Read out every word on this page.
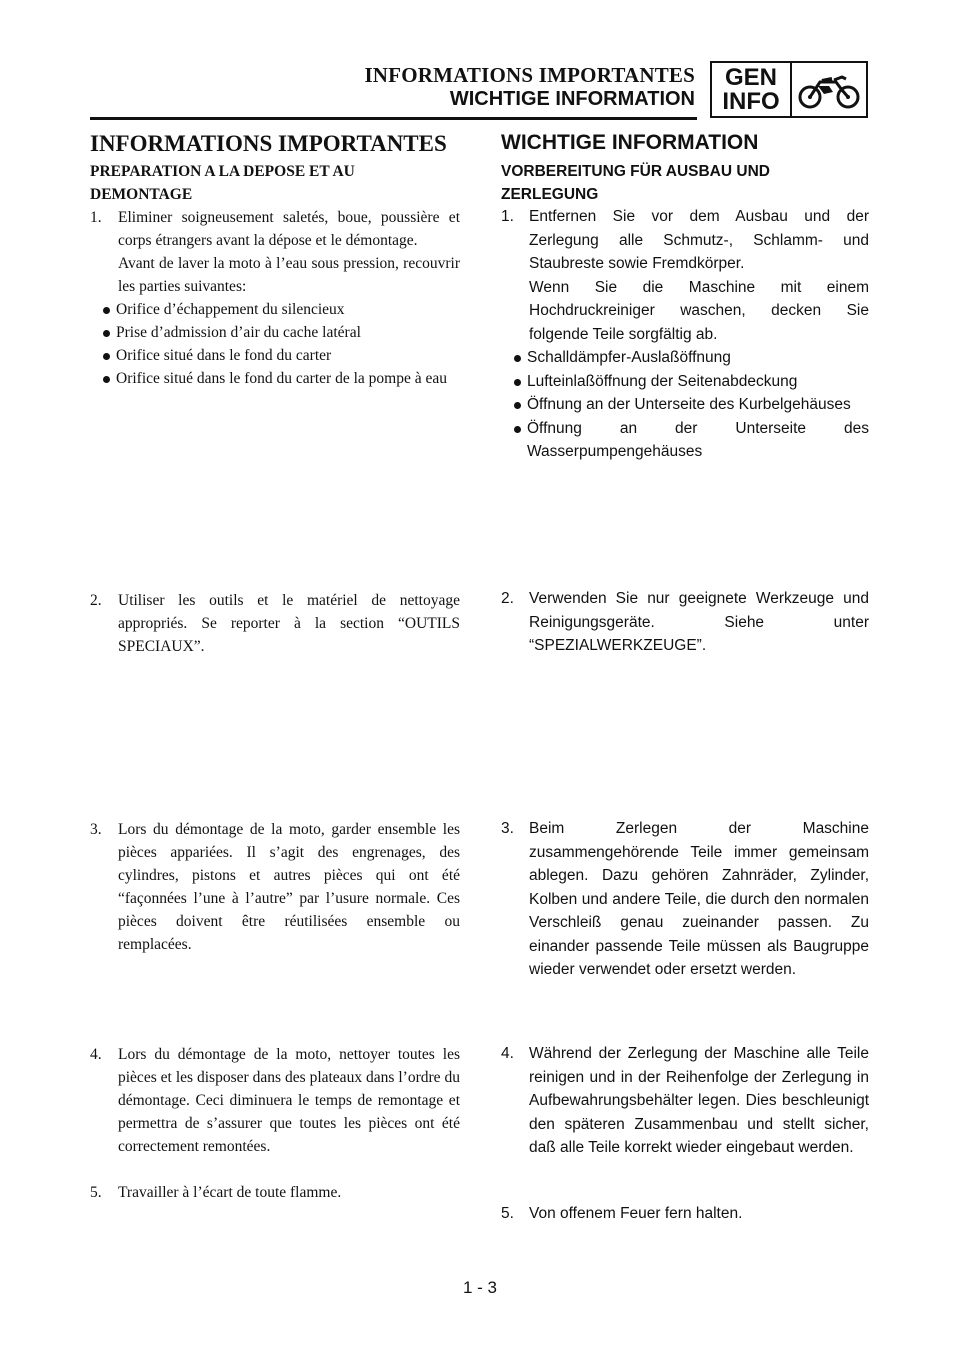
INFORMATIONS IMPORTANTES
WICHTIGE INFORMATION
GEN
INFO
INFORMATIONS IMPORTANTES
PREPARATION A LA DEPOSE ET AU DEMONTAGE
1. Eliminer soigneusement saletés, boue, poussière et corps étrangers avant la dépose et le démontage.
Avant de laver la moto à l’eau sous pression, recouvrir les parties suivantes:
Orifice d’échappement du silencieux
Prise d’admission d’air du cache latéral
Orifice situé dans le fond du carter
Orifice situé dans le fond du carter de la pompe à eau
2. Utiliser les outils et le matériel de nettoyage appropriés. Se reporter à la section “OUTILS SPECIAUX”.
3. Lors du démontage de la moto, garder ensemble les pièces appariées. Il s’agit des engrenages, des cylindres, pistons et autres pièces qui ont été “façonnées l’une à l’autre” par l’usure normale. Ces pièces doivent être réutilisées ensemble ou remplacées.
4. Lors du démontage de la moto, nettoyer toutes les pièces et les disposer dans des plateaux dans l’ordre du démontage. Ceci diminuera le temps de remontage et permettra de s’assurer que toutes les pièces ont été correctement remontées.
5. Travailler à l’écart de toute flamme.
WICHTIGE INFORMATION
VORBEREITUNG FÜR AUSBAU UND ZERLEGUNG
1. Entfernen Sie vor dem Ausbau und der Zerlegung alle Schmutz-, Schlamm- und Staubreste sowie Fremdkörper.
Wenn Sie die Maschine mit einem Hochdruckreiniger waschen, decken Sie folgende Teile sorgfältig ab.
Schalldämpfer-Auslaßöffnung
Lufteinlaßöffnung der Seitenabdeckung
Öffnung an der Unterseite des Kurbelgehäuses
Öffnung an der Unterseite des Wasserpumpengehäuses
2. Verwenden Sie nur geeignete Werkzeuge und Reinigungsgeräte. Siehe unter “SPEZIALWERKZEUGE”.
3. Beim Zerlegen der Maschine zusammengehörende Teile immer gemeinsam ablegen. Dazu gehören Zahnräder, Zylinder, Kolben und andere Teile, die durch den normalen Verschleiß genau zueinander passen. Zu einander passende Teile müssen als Baugruppe wieder verwendet oder ersetzt werden.
4. Während der Zerlegung der Maschine alle Teile reinigen und in der Reihenfolge der Zerlegung in Aufbewahrungsbehälter legen. Dies beschleunigt den späteren Zusammenbau und stellt sicher, daß alle Teile korrekt wieder eingebaut werden.
5. Von offenem Feuer fern halten.
1 - 3
